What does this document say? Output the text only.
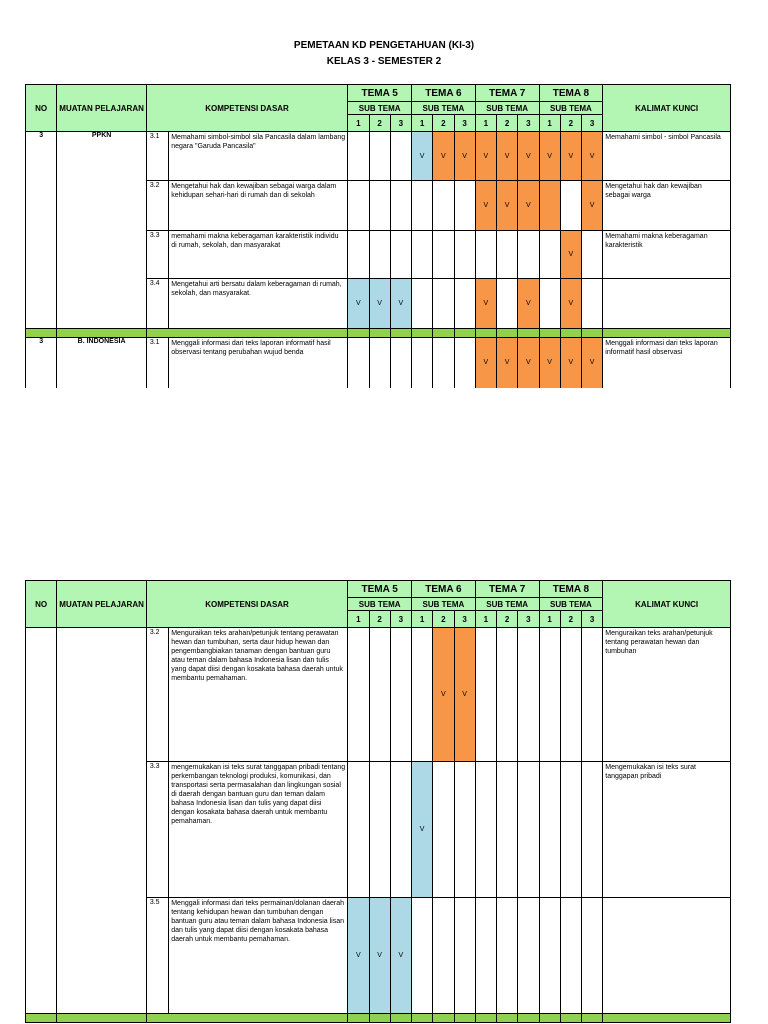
PEMETAAN KD PENGETAHUAN (KI-3)
KELAS 3 - SEMESTER 2
NO	MUATAN PELAJARAN	KOMPETENSI DASAR		TEMA 5			TEMA 6			TEMA 7			TEMA 8			KALIMAT KUNCI
				SUB TEMA			SUB TEMA			SUB TEMA			SUB TEMA			
				1	2	3	1	2	3	1	2	3	1	2	3	
3	PPKN	3.1	Memahami simbol-simbol sila Pancasila dalam lambang negara "Garuda Pancasila"				V	V	V	V	V	V	V	V	V	Memahami simbol - simbol Pancasila
		3.2	Mengetahui hak dan kewajiban sebagai warga dalam kehidupan sehari-hari di rumah dan di sekolah							V	V	V			V	Mengetahui hak dan kewajiban sebagai warga
		3.3	memahami makna keberagaman karakteristik individu di rumah, sekolah, dan masyarakat											V		Memahami makna keberagaman karakteristik
		3.4	Mengetahui arti bersatu dalam keberagaman di rumah, sekolah, dan masyarakat.	V	V	V				V		V		V		

3	B. INDONESIA	3.1	Menggali informasi dari teks laporan informatif hasil observasi tentang perubahan wujud benda							V	V	V	V	V	V	Menggali informasi dari teks laporan informatif hasil observasi
NO	MUATAN PELAJARAN	KOMPETENSI DASAR		TEMA 5			TEMA 6			TEMA 7			TEMA 8			KALIMAT KUNCI
				SUB TEMA			SUB TEMA			SUB TEMA			SUB TEMA			
				1	2	3	1	2	3	1	2	3	1	2	3	
		3.2	Menguraikan teks arahan/petunjuk tentang perawatan hewan dan tumbuhan, serta daur hidup hewan dan pengembangbiakan tanaman dengan bantuan guru atau teman dalam bahasa Indonesia lisan dan tulis yang dapat diisi dengan kosakata bahasa daerah untuk membantu pemahaman.					V	V							Menguraikan teks arahan/petunjuk tentang perawatan hewan dan tumbuhan
		3.3	mengemukakan isi teks surat tanggapan pribadi tentang perkembangan teknologi produksi, komunikasi, dan transportasi serta permasalahan dan lingkungan sosial di daerah dengan bantuan guru dan teman dalam bahasa Indonesia lisan dan tulis yang dapat diisi dengan kosakata bahasa daerah untuk membantu pemahaman.				V									Mengemukakan isi teks surat tanggapan pribadi
		3.5	Menggali informasi dari teks permainan/dolanan daerah tentang kehidupan hewan dan tumbuhan dengan bantuan guru atau teman dalam bahasa Indonesia lisan dan tulis yang dapat diisi dengan kosakata bahasa daerah untuk membantu pemahaman.	V	V	V										
